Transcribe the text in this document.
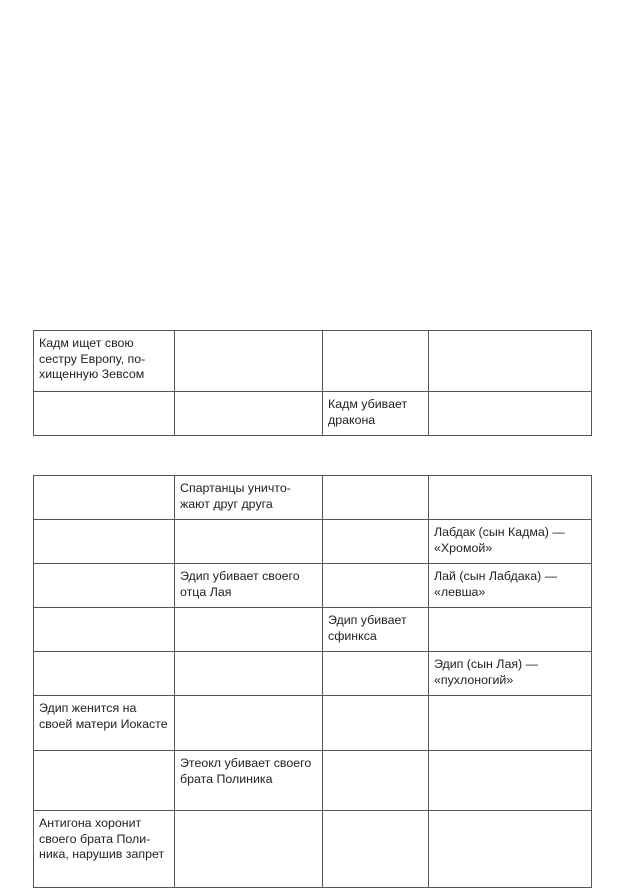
Кадм ищет свою сестру Европу, по-хищенную Зевсом			
		Кадм убивает дракона	
	Спартанцы уничто-жают друг друга		
			Лабдак (сын Кадма) — «Хромой»
	Эдип убивает своего отца Лая		Лай (сын Лабдака) — «левша»
		Эдип убивает сфинкса	
			Эдип (сын Лая) — «пухлоногий»
Эдип женится на своей матери Иокасте			
	Этеокл убивает своего брата Полиника		
Антигона хоронит своего брата Поли-ника, нарушив запрет			
